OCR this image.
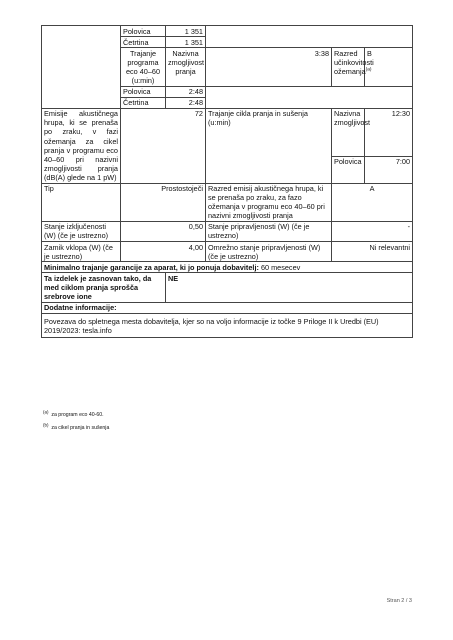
	Polovica	1 351			
	Četrtina	1 351			
	Trajanje programa eco 40–60 (u:min)	Nazivna zmogljivost pranja	3:38	Razred učinkovitosti ožemanja$^{(a)}$	B
	Polovica	2:48			
	Četrtina	2:48			
Emisije akustičnega hrupa, ki se prenaša po zraku, v fazi ožemanja za cikel pranja v programu eco 40–60 pri nazivni zmogljivosti pranja (dB(A) glede na 1 pW)	72		Trajanje cikla pranja in sušenja (u:min)	Nazivna zmogljivost	12:30
				Polovica	7:00
Tip	Prostostoječi		Razred emisij akustičnega hrupa, ki se prenaša po zraku, za fazo ožemanja v programu eco 40–60 pri nazivni zmogljivosti pranja	A	
Stanje izključenosti (W) (če je ustrezno)	0,50		Stanje pripravljenosti (W) (če je ustrezno)	-	
Zamik vklopa (W) (če je ustrezno)	4,00		Omrežno stanje pripravljenosti (W) (če je ustrezno)	Ni relevantni	
Minimalno trajanje garancije za aparat, ki jo ponuja dobavitelj: 60 mesecev					
Ta izdelek je zasnovan tako, da med ciklom pranja sprošča srebrove ione		NE			
Dodatne informacije:					
Povezava do spletnega mesta dobavitelja, kjer so na voljo informacije iz točke 9 Priloge II k Uredbi (EU) 2019/2023: tesla.info					
$^{(a)}$  za program eco 40-60.
$^{(b)}$  za cikel pranja in sušenja
Stran 2 / 3
